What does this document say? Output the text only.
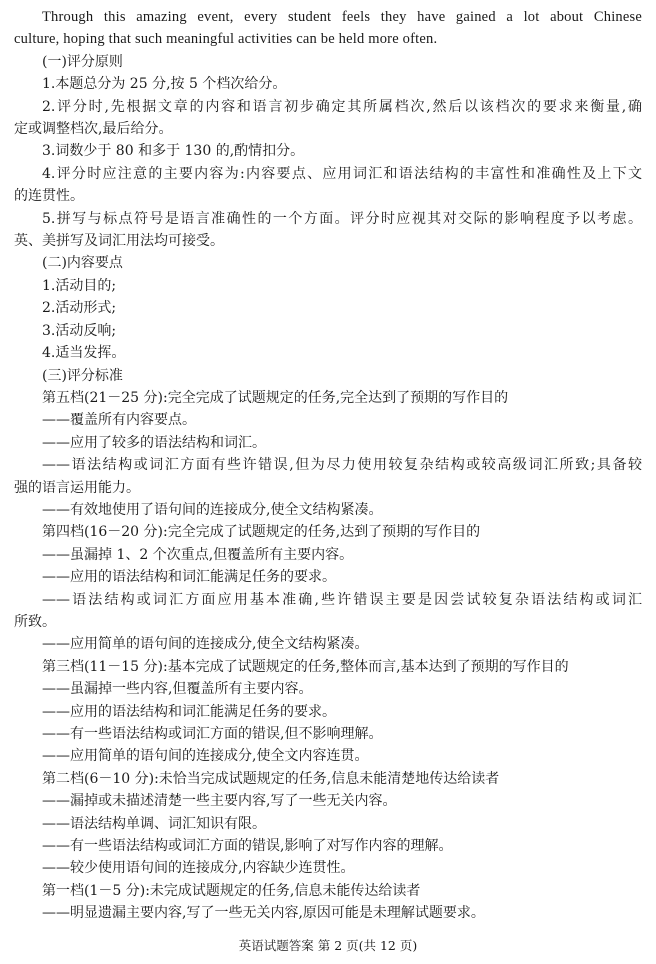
Through this amazing event, every student feels they have gained a lot about Chinese
culture, hoping that such meaningful activities can be held more often.
(一)评分原则
1.本题总分为 25 分,按 5 个档次给分。
2.评分时,先根据文章的内容和语言初步确定其所属档次,然后以该档次的要求来衡量,确
定或调整档次,最后给分。
3.词数少于 80 和多于 130 的,酌情扣分。
4.评分时应注意的主要内容为:内容要点、应用词汇和语法结构的丰富性和准确性及上下文
的连贯性。
5.拼写与标点符号是语言准确性的一个方面。评分时应视其对交际的影响程度予以考虑。
英、美拼写及词汇用法均可接受。
(二)内容要点
1.活动目的;
2.活动形式;
3.活动反响;
4.适当发挥。
(三)评分标准
第五档(21－25 分):完全完成了试题规定的任务,完全达到了预期的写作目的
——覆盖所有内容要点。
——应用了较多的语法结构和词汇。
——语法结构或词汇方面有些许错误,但为尽力使用较复杂结构或较高级词汇所致;具备较
强的语言运用能力。
——有效地使用了语句间的连接成分,使全文结构紧凑。
第四档(16－20 分):完全完成了试题规定的任务,达到了预期的写作目的
——虽漏掉 1、2 个次重点,但覆盖所有主要内容。
——应用的语法结构和词汇能满足任务的要求。
——语法结构或词汇方面应用基本准确,些许错误主要是因尝试较复杂语法结构或词汇
所致。
——应用简单的语句间的连接成分,使全文结构紧凑。
第三档(11－15 分):基本完成了试题规定的任务,整体而言,基本达到了预期的写作目的
——虽漏掉一些内容,但覆盖所有主要内容。
——应用的语法结构和词汇能满足任务的要求。
——有一些语法结构或词汇方面的错误,但不影响理解。
——应用简单的语句间的连接成分,使全文内容连贯。
第二档(6－10 分):未恰当完成试题规定的任务,信息未能清楚地传达给读者
——漏掉或未描述清楚一些主要内容,写了一些无关内容。
——语法结构单调、词汇知识有限。
——有一些语法结构或词汇方面的错误,影响了对写作内容的理解。
——较少使用语句间的连接成分,内容缺少连贯性。
第一档(1－5 分):未完成试题规定的任务,信息未能传达给读者
——明显遗漏主要内容,写了一些无关内容,原因可能是未理解试题要求。
英语试题答案 第 2 页(共 12 页)
